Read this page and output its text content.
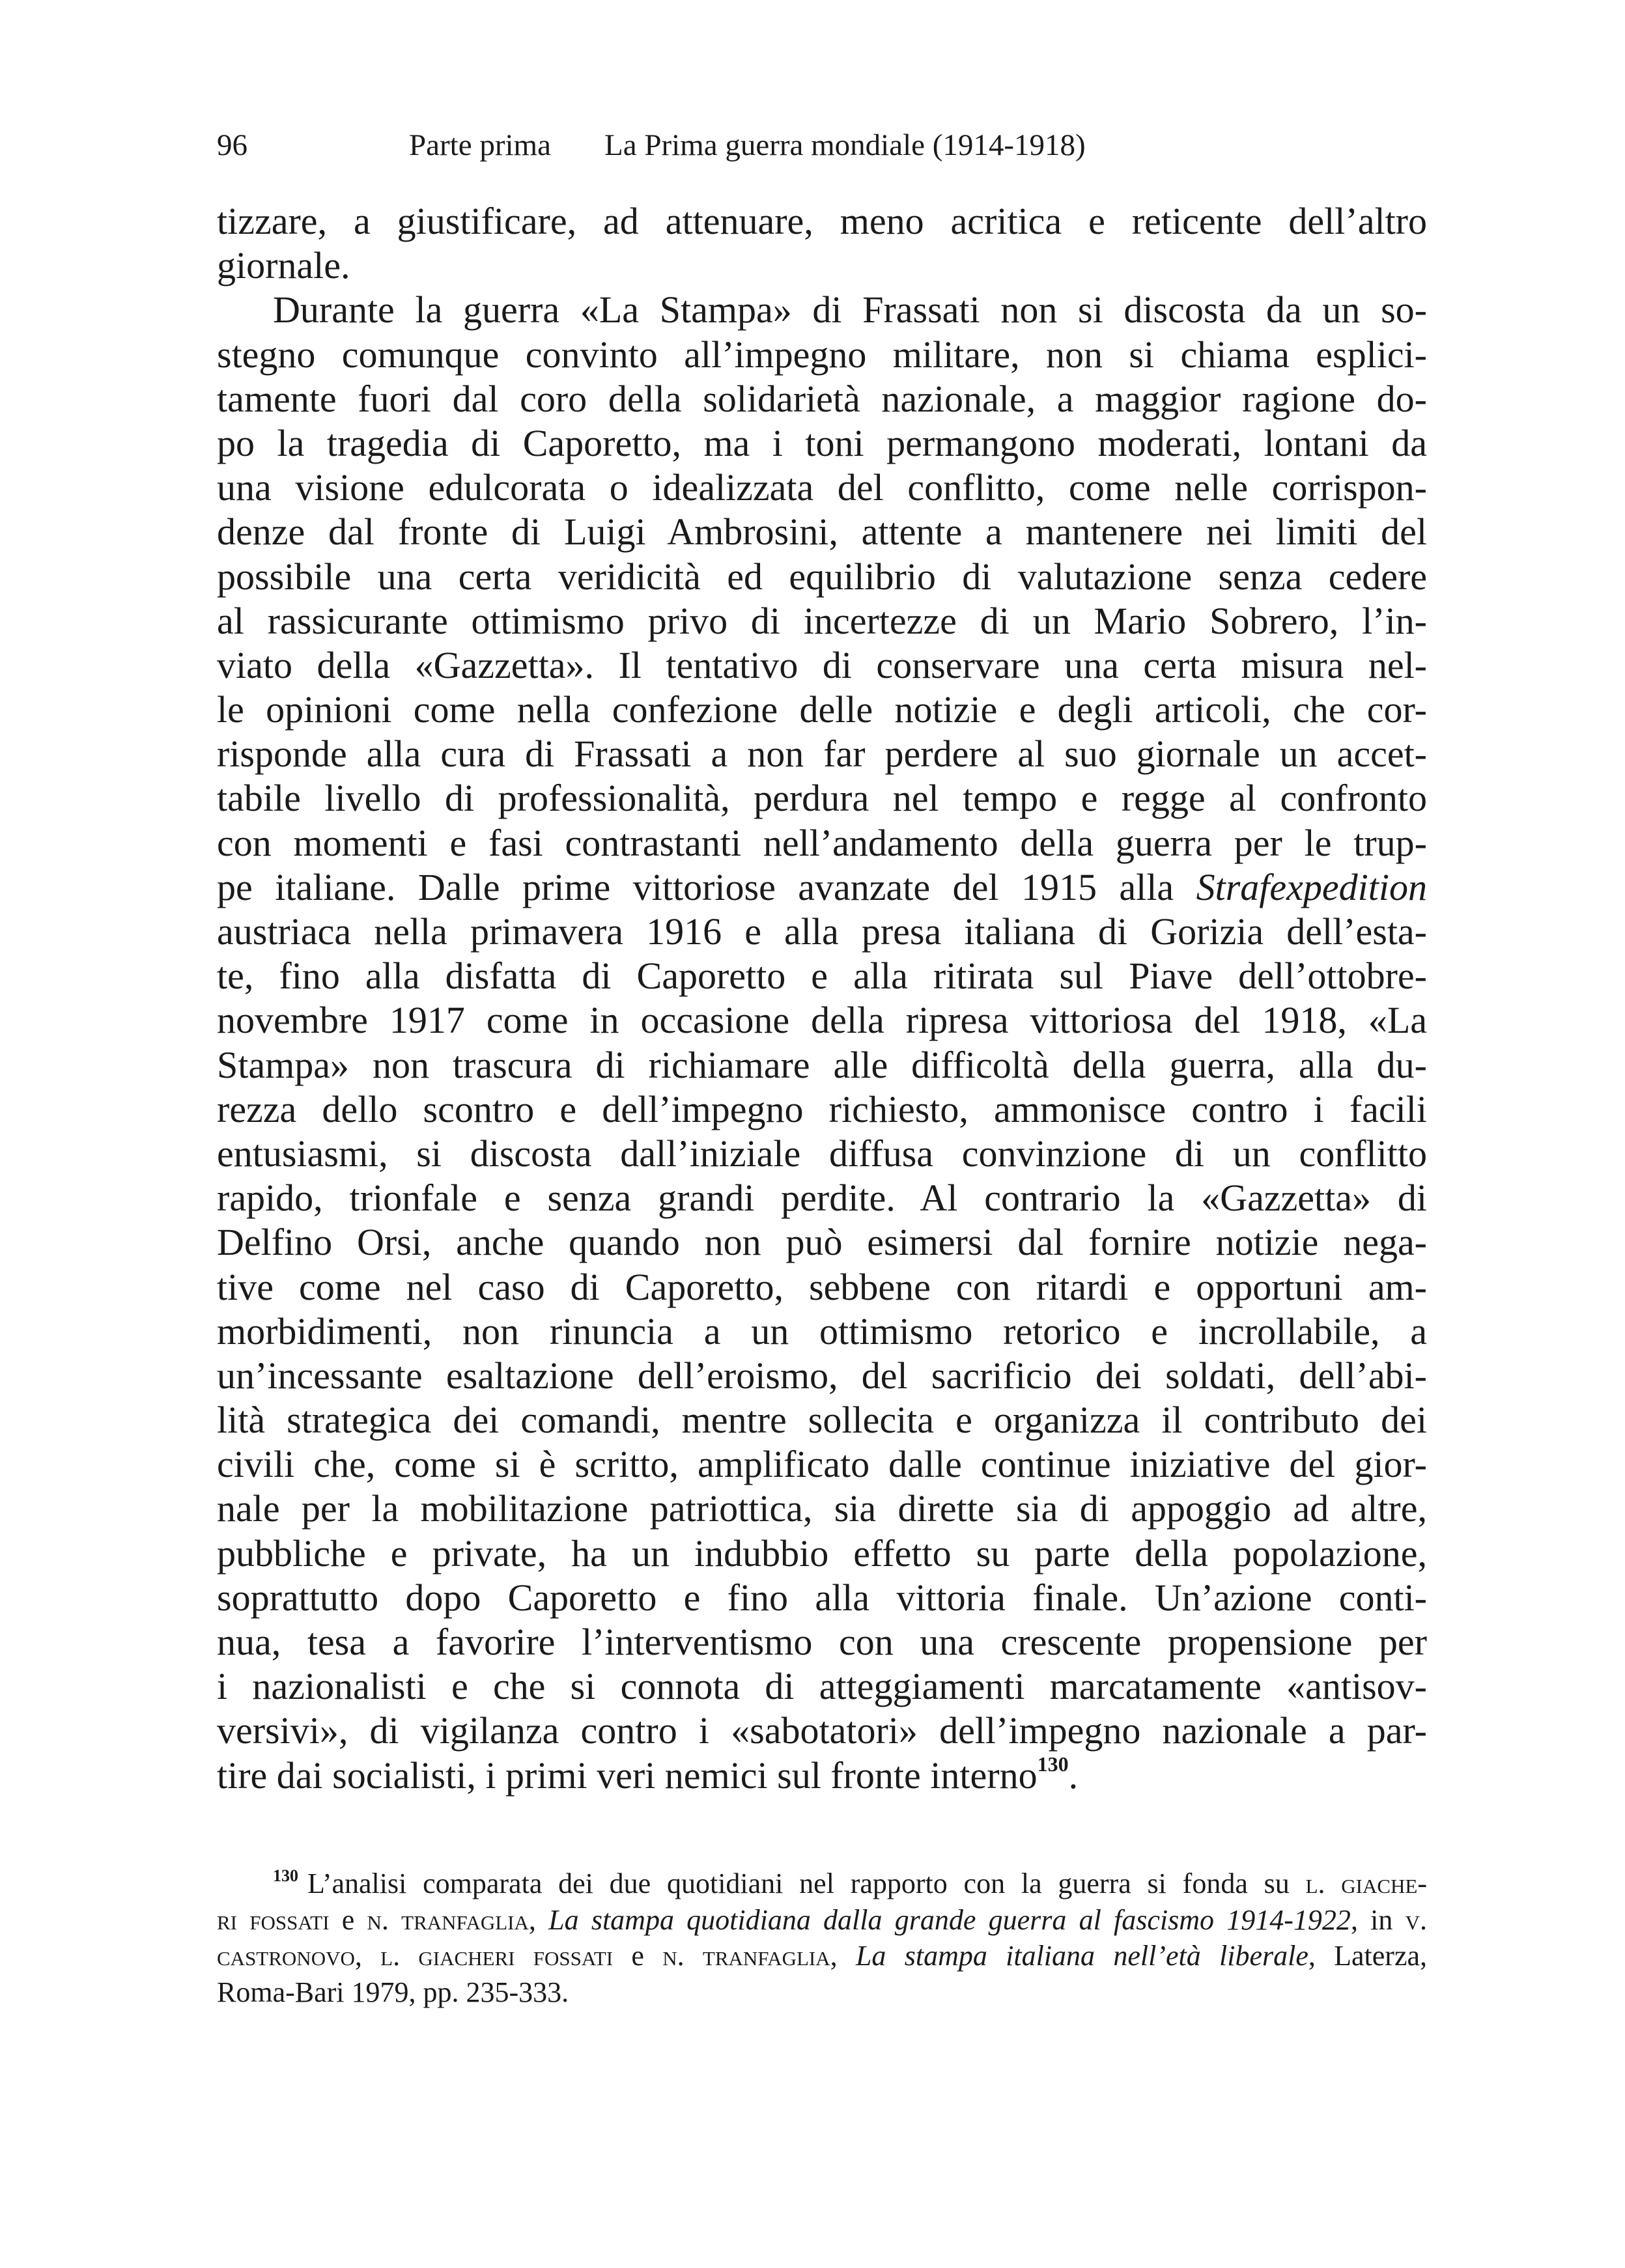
96	Parte prima La Prima guerra mondiale (1914-1918)
tizzare, a giustificare, ad attenuare, meno acritica e reticente dell’altro
giornale.
Durante la guerra «La Stampa» di Frassati non si discosta da un so-
stegno comunque convinto all’impegno militare, non si chiama esplici-
tamente fuori dal coro della solidarietà nazionale, a maggior ragione do-
po la tragedia di Caporetto, ma i toni permangono moderati, lontani da
una visione edulcorata o idealizzata del conflitto, come nelle corrispon-
denze dal fronte di Luigi Ambrosini, attente a mantenere nei limiti del
possibile una certa veridicità ed equilibrio di valutazione senza cedere
al rassicurante ottimismo privo di incertezze di un Mario Sobrero, l’in-
viato della «Gazzetta». Il tentativo di conservare una certa misura nel-
le opinioni come nella confezione delle notizie e degli articoli, che cor-
risponde alla cura di Frassati a non far perdere al suo giornale un accet-
tabile livello di professionalità, perdura nel tempo e regge al confronto
con momenti e fasi contrastanti nell’andamento della guerra per le trup-
pe italiane. Dalle prime vittoriose avanzate del 1915 alla Strafexpedition
austriaca nella primavera 1916 e alla presa italiana di Gorizia dell’esta-
te, fino alla disfatta di Caporetto e alla ritirata sul Piave dell’ottobre-
novembre 1917 come in occasione della ripresa vittoriosa del 1918, «La
Stampa» non trascura di richiamare alle difficoltà della guerra, alla du-
rezza dello scontro e dell’impegno richiesto, ammonisce contro i facili
entusiasmi, si discosta dall’iniziale diffusa convinzione di un conflitto
rapido, trionfale e senza grandi perdite. Al contrario la «Gazzetta» di
Delfino Orsi, anche quando non può esimersi dal fornire notizie nega-
tive come nel caso di Caporetto, sebbene con ritardi e opportuni am-
morbidimenti, non rinuncia a un ottimismo retorico e incrollabile, a
un’incessante esaltazione dell’eroismo, del sacrificio dei soldati, dell’abi-
lità strategica dei comandi, mentre sollecita e organizza il contributo dei
civili che, come si è scritto, amplificato dalle continue iniziative del gior-
nale per la mobilitazione patriottica, sia dirette sia di appoggio ad altre,
pubbliche e private, ha un indubbio effetto su parte della popolazione,
soprattutto dopo Caporetto e fino alla vittoria finale. Un’azione conti-
nua, tesa a favorire l’interventismo con una crescente propensione per
i nazionalisti e che si connota di atteggiamenti marcatamente «antisov-
versivi», di vigilanza contro i «sabotatori» dell’impegno nazionale a par-
tire dai socialisti, i primi veri nemici sul fronte interno$^{130}$.
$^{130}$ L’analisi comparata dei due quotidiani nel rapporto con la guerra si fonda su l. giache-
ri fossati e n. tranfaglia, La stampa quotidiana dalla grande guerra al fascismo 1914-1922, in v.
castronovo, l. giacheri fossati e n. tranfaglia, La stampa italiana nell’età liberale, Laterza,
Roma-Bari 1979, pp. 235-333.
